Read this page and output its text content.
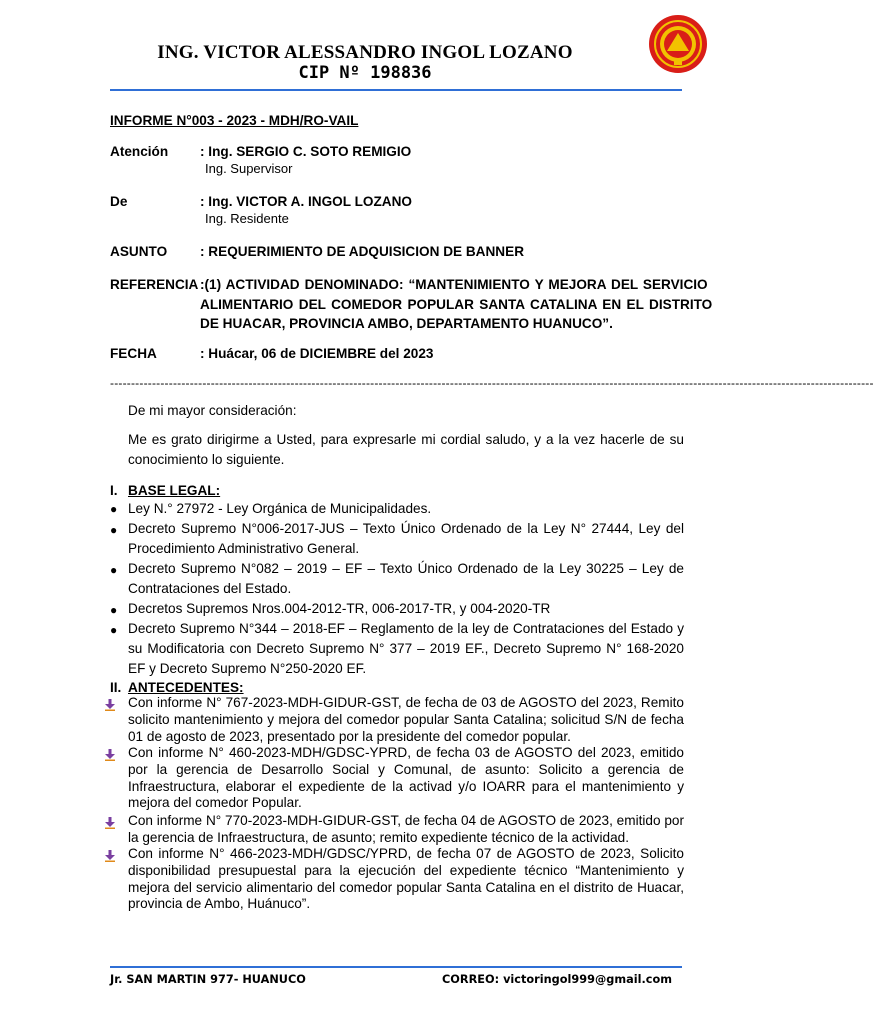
ING. VICTOR ALESSANDRO INGOL LOZANO
CIP Nº 198836
INFORME N°003 - 2023 - MDH/RO-VAIL
Atención : Ing. SERGIO C. SOTO REMIGIO
Ing. Supervisor
De	: Ing. VICTOR A. INGOL LOZANO
Ing. Residente
ASUNTO : REQUERIMIENTO DE ADQUISICION DE BANNER
REFERENCIA :(1) ACTIVIDAD DENOMINADO: “MANTENIMIENTO Y MEJORA DEL SERVICIO
ALIMENTARIO DEL COMEDOR POPULAR SANTA CATALINA EN EL DISTRITO
DE HUACAR, PROVINCIA AMBO, DEPARTAMENTO HUANUCO”.
FECHA	: Huácar, 06 de DICIEMBRE del 2023
--------------------------------------------------------------------------------------------------------------------------------------------------------------------------------------
De mi mayor consideración:
Me es grato dirigirme a Usted, para expresarle mi cordial saludo, y a la vez hacerle de su conocimiento lo siguiente.
I. BASE LEGAL:
● Ley N.° 27972 - Ley Orgánica de Municipalidades.
● Decreto Supremo N°006-2017-JUS – Texto Único Ordenado de la Ley N° 27444, Ley del Procedimiento Administrativo General.
● Decreto Supremo N°082 – 2019 – EF – Texto Único Ordenado de la Ley 30225 – Ley de Contrataciones del Estado.
● Decretos Supremos Nros.004-2012-TR, 006-2017-TR, y 004-2020-TR
● Decreto Supremo N°344 – 2018-EF – Reglamento de la ley de Contrataciones del Estado y su Modificatoria con Decreto Supremo N° 377 – 2019 EF., Decreto Supremo N° 168-2020 EF y Decreto Supremo N°250-2020 EF.
II. ANTECEDENTES:
Con informe N° 767-2023-MDH-GIDUR-GST, de fecha de 03 de AGOSTO del 2023, Remito solicito mantenimiento y mejora del comedor popular Santa Catalina; solicitud S/N de fecha 01 de agosto de 2023, presentado por la presidente del comedor popular.
Con informe N° 460-2023-MDH/GDSC-YPRD, de fecha 03 de AGOSTO del 2023, emitido por la gerencia de Desarrollo Social y Comunal, de asunto: Solicito a gerencia de Infraestructura, elaborar el expediente de la activad y/o IOARR para el mantenimiento y mejora del comedor Popular.
Con informe N° 770-2023-MDH-GIDUR-GST, de fecha 04 de AGOSTO de 2023, emitido por la gerencia de Infraestructura, de asunto; remito expediente técnico de la actividad.
Con informe N° 466-2023-MDH/GDSC/YPRD, de fecha 07 de AGOSTO de 2023, Solicito disponibilidad presupuestal para la ejecución del expediente técnico “Mantenimiento y mejora del servicio alimentario del comedor popular Santa Catalina en el distrito de Huacar, provincia de Ambo, Huánuco”.
Jr. SAN MARTIN 977- HUANUCO	CORREO: victoringol999@gmail.com
